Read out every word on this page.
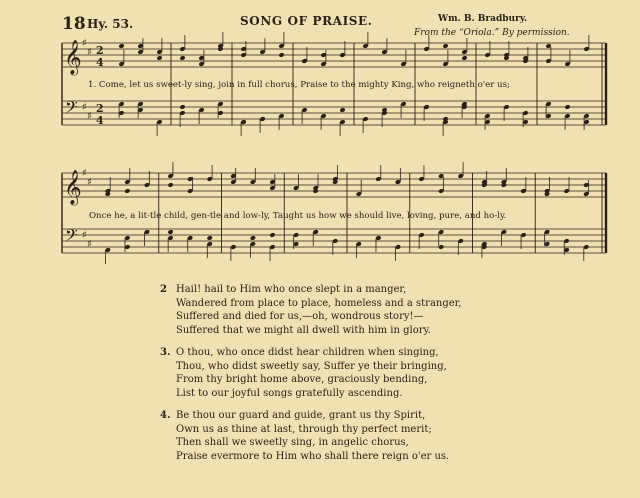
18 Hy. 53.	SONG OF PRAISE.	Wm. B. Bradbury.
From the “Oriola.” By permission.
𝄞
𝄢
♯
♯
♯
♯
2
4
2
4
𝄞
𝄢
♯
♯
♯
♯
1. Come, let us sweet-ly sing, join in full chorus, Praise to the mighty King, who reigneth o'er us;
Once he, a lit-tle child, gen-tle and low-ly, Taught us how we should live, loving, pure, and ho-ly.
2 Hail! hail to Him who once slept in a manger,
Wandered from place to place, homeless and a stranger,
Suffered and died for us,—oh, wondrous story!—
Suffered that we might all dwell with him in glory.
3. O thou, who once didst hear children when singing,
Thou, who didst sweetly say, Suffer ye their bringing,
From thy bright home above, graciously bending,
List to our joyful songs gratefully ascending.
4. Be thou our guard and guide, grant us thy Spirit,
Own us as thine at last, through thy perfect merit;
Then shall we sweetly sing, in angelic chorus,
Praise evermore to Him who shall there reign o'er us.
